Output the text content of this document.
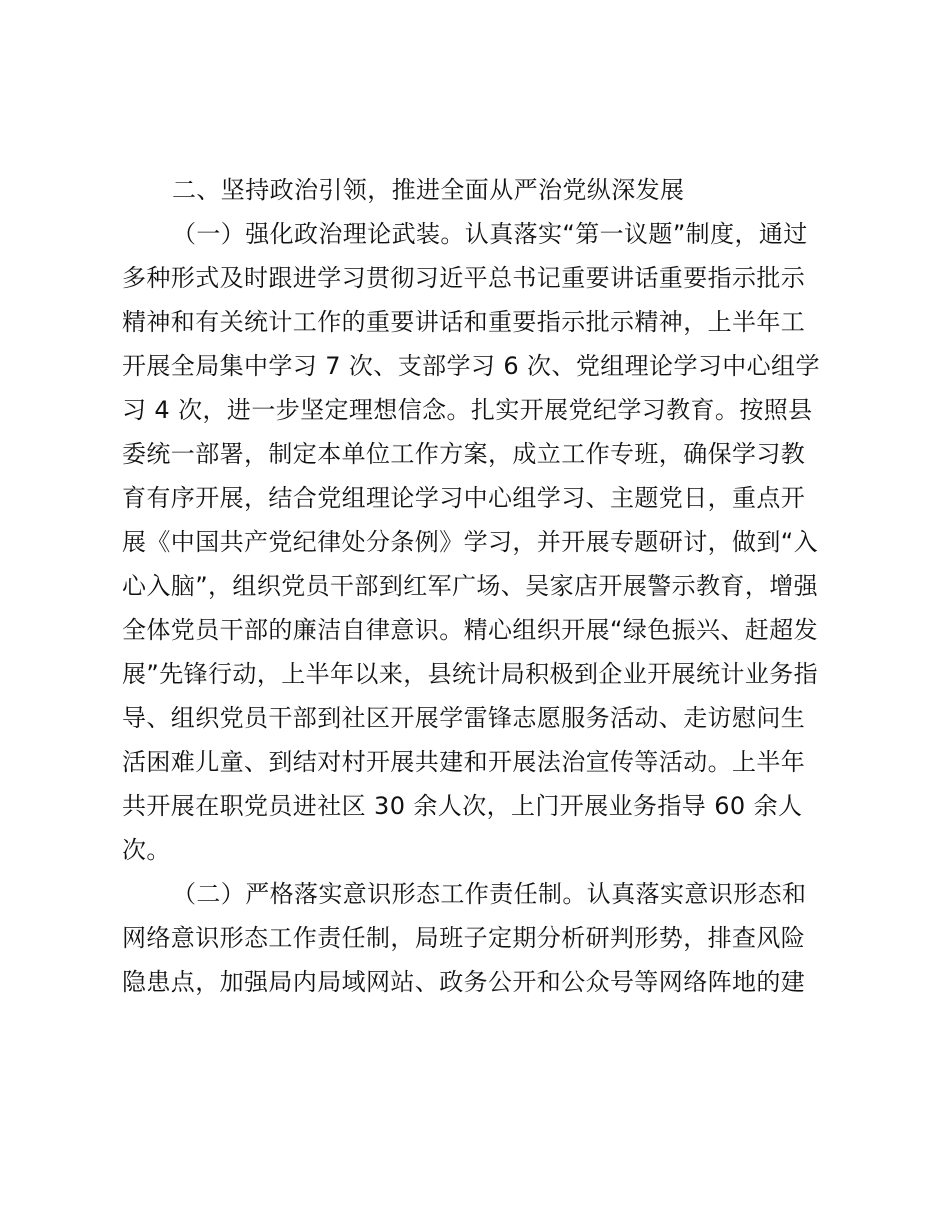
二、坚持政治引领，推进全面从严治党纵深发展
（一）强化政治理论武装。认真落实“第一议题”制度，通过
多种形式及时跟进学习贯彻习近平总书记重要讲话重要指示批示
精神和有关统计工作的重要讲话和重要指示批示精神，上半年工
开展全局集中学习 7 次、支部学习 6 次、党组理论学习中心组学
习 4 次，进一步坚定理想信念。扎实开展党纪学习教育。按照县
委统一部署，制定本单位工作方案，成立工作专班，确保学习教
育有序开展，结合党组理论学习中心组学习、主题党日，重点开
展《中国共产党纪律处分条例》学习，并开展专题研讨，做到“入
心入脑”，组织党员干部到红军广场、吴家店开展警示教育，增强
全体党员干部的廉洁自律意识。精心组织开展“绿色振兴、赶超发
展”先锋行动，上半年以来，县统计局积极到企业开展统计业务指
导、组织党员干部到社区开展学雷锋志愿服务活动、走访慰问生
活困难儿童、到结对村开展共建和开展法治宣传等活动。上半年
共开展在职党员进社区 30 余人次，上门开展业务指导 60 余人
次。
（二）严格落实意识形态工作责任制。认真落实意识形态和
网络意识形态工作责任制，局班子定期分析研判形势，排查风险
隐患点，加强局内局域网站、政务公开和公众号等网络阵地的建
